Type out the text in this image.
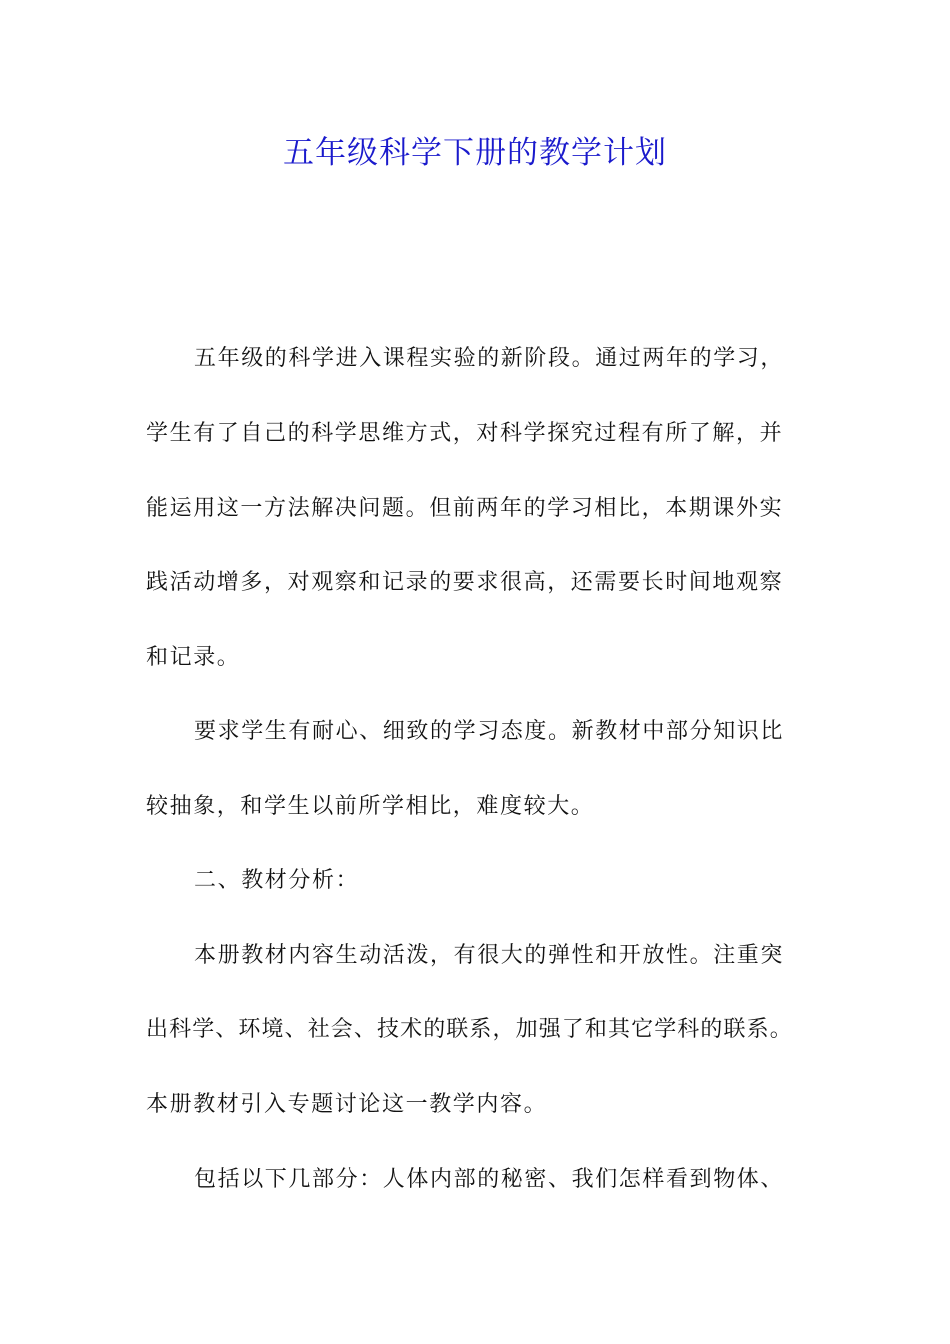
五年级科学下册的教学计划
五年级的科学进入课程实验的新阶段。通过两年的学习，
学生有了自己的科学思维方式，对科学探究过程有所了解，并
能运用这一方法解决问题。但前两年的学习相比，本期课外实
践活动增多，对观察和记录的要求很高，还需要长时间地观察
和记录。
要求学生有耐心、细致的学习态度。新教材中部分知识比
较抽象，和学生以前所学相比，难度较大。
二、教材分析：
本册教材内容生动活泼，有很大的弹性和开放性。注重突
出科学、环境、社会、技术的联系，加强了和其它学科的联系。
本册教材引入专题讨论这一教学内容。
包括以下几部分：人体内部的秘密、我们怎样看到物体、
